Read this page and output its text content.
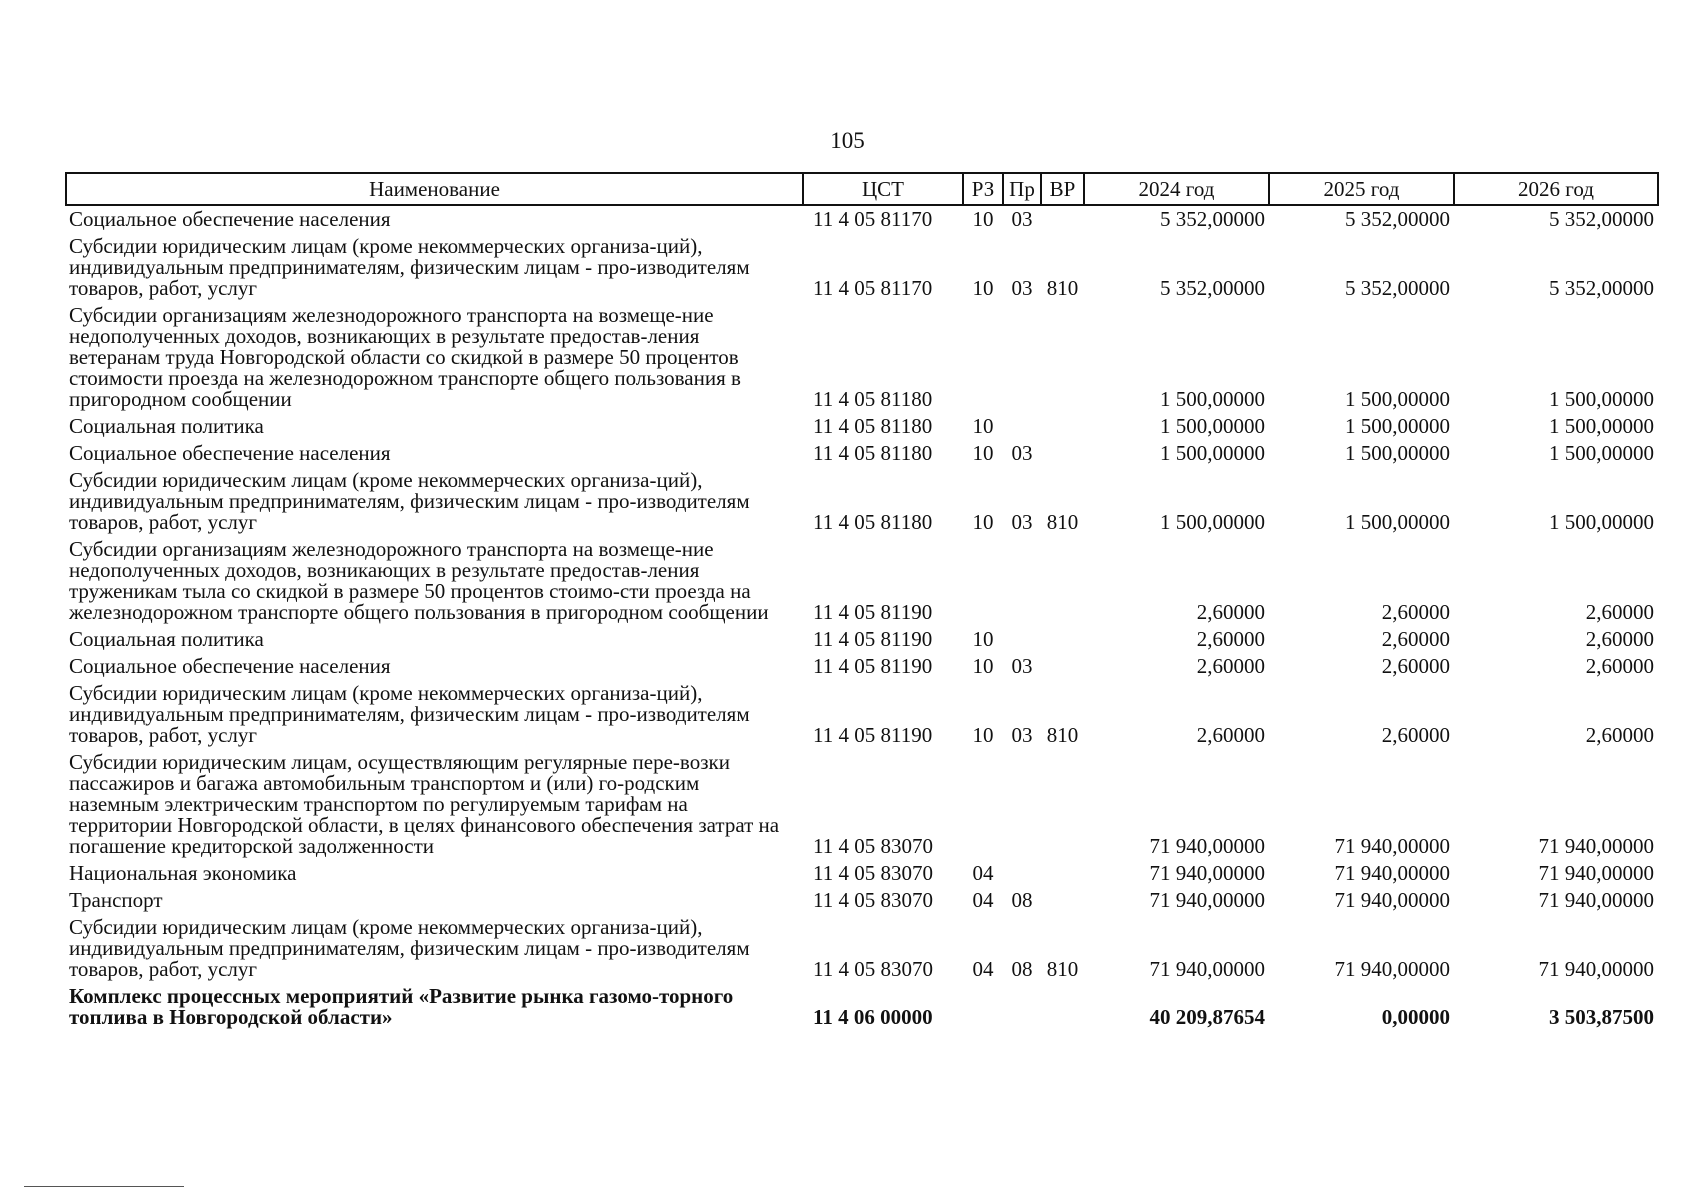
105
Наименование	ЦСТ	РЗ	Пр	ВР	2024 год	2025 год	2026 год
Социальное обеспечение населения	11 4 05 81170	10	03		5 352,00000	5 352,00000	5 352,00000
Субсидии юридическим лицам (кроме некоммерческих организа-ций), индивидуальным предпринимателям, физическим лицам - про-изводителям товаров, работ, услуг	11 4 05 81170	10	03	810	5 352,00000	5 352,00000	5 352,00000
Субсидии организациям железнодорожного транспорта на возмеще-ние недополученных доходов, возникающих в результате предостав-ления ветеранам труда Новгородской области со скидкой в размере 50 процентов стоимости проезда на железнодорожном транспорте общего пользования в пригородном сообщении	11 4 05 81180				1 500,00000	1 500,00000	1 500,00000
Социальная политика	11 4 05 81180	10			1 500,00000	1 500,00000	1 500,00000
Социальное обеспечение населения	11 4 05 81180	10	03		1 500,00000	1 500,00000	1 500,00000
Субсидии юридическим лицам (кроме некоммерческих организа-ций), индивидуальным предпринимателям, физическим лицам - про-изводителям товаров, работ, услуг	11 4 05 81180	10	03	810	1 500,00000	1 500,00000	1 500,00000
Субсидии организациям железнодорожного транспорта на возмеще-ние недополученных доходов, возникающих в результате предостав-ления труженикам тыла со скидкой в размере 50 процентов стоимо-сти проезда на железнодорожном транспорте общего пользования в пригородном сообщении	11 4 05 81190				2,60000	2,60000	2,60000
Социальная политика	11 4 05 81190	10			2,60000	2,60000	2,60000
Социальное обеспечение населения	11 4 05 81190	10	03		2,60000	2,60000	2,60000
Субсидии юридическим лицам (кроме некоммерческих организа-ций), индивидуальным предпринимателям, физическим лицам - про-изводителям товаров, работ, услуг	11 4 05 81190	10	03	810	2,60000	2,60000	2,60000
Субсидии юридическим лицам, осуществляющим регулярные пере-возки пассажиров и багажа автомобильным транспортом и (или) го-родским наземным электрическим транспортом по регулируемым тарифам на территории Новгородской области, в целях финансового обеспечения затрат на погашение кредиторской задолженности	11 4 05 83070				71 940,00000	71 940,00000	71 940,00000
Национальная экономика	11 4 05 83070	04			71 940,00000	71 940,00000	71 940,00000
Транспорт	11 4 05 83070	04	08		71 940,00000	71 940,00000	71 940,00000
Субсидии юридическим лицам (кроме некоммерческих организа-ций), индивидуальным предпринимателям, физическим лицам - про-изводителям товаров, работ, услуг	11 4 05 83070	04	08	810	71 940,00000	71 940,00000	71 940,00000
Комплекс процессных мероприятий «Развитие рынка газомо-торного топлива в Новгородской области»	11 4 06 00000				40 209,87654	0,00000	3 503,87500
